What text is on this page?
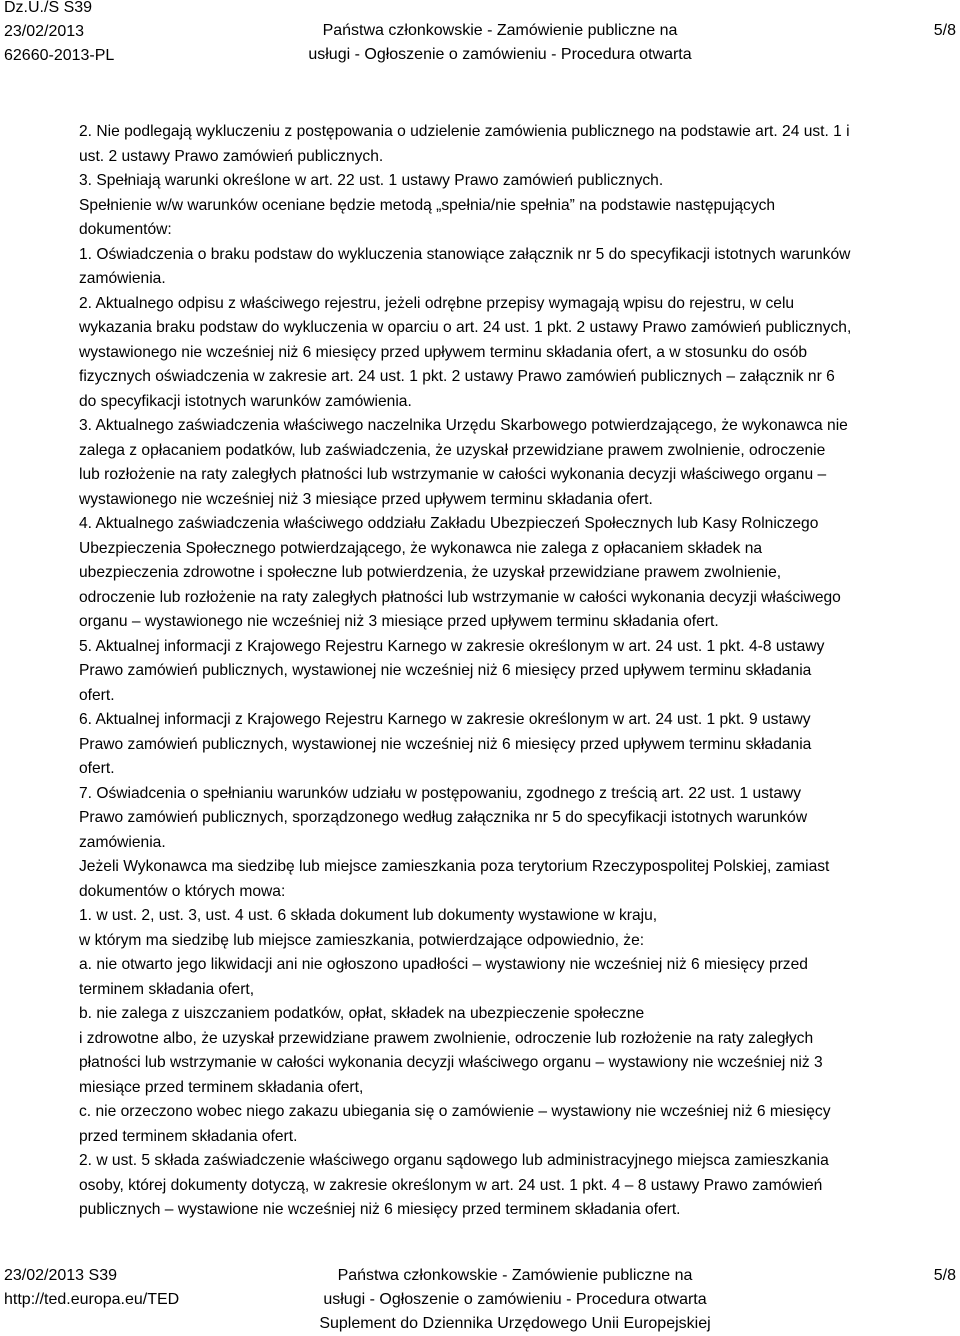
Dz.U./S S39
23/02/2013
62660-2013-PL
Państwa członkowskie - Zamówienie publiczne na
usługi - Ogłoszenie o zamówieniu - Procedura otwarta
5/8

2. Nie podlegają wykluczeniu z postępowania o udzielenie zamówienia publicznego na podstawie art. 24 ust. 1 i

ust. 2 ustawy Prawo zamówień publicznych.

3. Spełniają warunki określone w art. 22 ust. 1 ustawy Prawo zamówień publicznych.

Spełnienie w/w warunków oceniane będzie metodą „spełnia/nie spełnia” na podstawie następujących

dokumentów:

1. Oświadczenia o braku podstaw do wykluczenia stanowiące załącznik nr 5 do specyfikacji istotnych warunków

zamówienia.

2. Aktualnego odpisu z właściwego rejestru, jeżeli odrębne przepisy wymagają wpisu do rejestru, w celu

wykazania braku podstaw do wykluczenia w oparciu o art. 24 ust. 1 pkt. 2 ustawy Prawo zamówień publicznych,

wystawionego nie wcześniej niż 6 miesięcy przed upływem terminu składania ofert, a w stosunku do osób

fizycznych oświadczenia w zakresie art. 24 ust. 1 pkt. 2 ustawy Prawo zamówień publicznych – załącznik nr 6

do specyfikacji istotnych warunków zamówienia.

3. Aktualnego zaświadczenia właściwego naczelnika Urzędu Skarbowego potwierdzającego, że wykonawca nie

zalega z opłacaniem podatków, lub zaświadczenia, że uzyskał przewidziane prawem zwolnienie, odroczenie

lub rozłożenie na raty zaległych płatności lub wstrzymanie w całości wykonania decyzji właściwego organu –

wystawionego nie wcześniej niż 3 miesiące przed upływem terminu składania ofert.

4. Aktualnego zaświadczenia właściwego oddziału Zakładu Ubezpieczeń Społecznych lub Kasy Rolniczego

Ubezpieczenia Społecznego potwierdzającego, że wykonawca nie zalega z opłacaniem składek na

ubezpieczenia zdrowotne i społeczne lub potwierdzenia, że uzyskał przewidziane prawem zwolnienie,

odroczenie lub rozłożenie na raty zaległych płatności lub wstrzymanie w całości wykonania decyzji właściwego

organu – wystawionego nie wcześniej niż 3 miesiące przed upływem terminu składania ofert.

5. Aktualnej informacji z Krajowego Rejestru Karnego w zakresie określonym w art. 24 ust. 1 pkt. 4-8 ustawy

Prawo zamówień publicznych, wystawionej nie wcześniej niż 6 miesięcy przed upływem terminu składania

ofert.

6. Aktualnej informacji z Krajowego Rejestru Karnego w zakresie określonym w art. 24 ust. 1 pkt. 9 ustawy

Prawo zamówień publicznych, wystawionej nie wcześniej niż 6 miesięcy przed upływem terminu składania

ofert.

7. Oświadcenia o spełnianiu warunków udziału w postępowaniu, zgodnego z treścią art. 22 ust. 1 ustawy

Prawo zamówień publicznych, sporządzonego według załącznika nr 5 do specyfikacji istotnych warunków

zamówienia.

Jeżeli Wykonawca ma siedzibę lub miejsce zamieszkania poza terytorium Rzeczypospolitej Polskiej, zamiast

dokumentów o których mowa:

1. w ust. 2, ust. 3, ust. 4 ust. 6 składa dokument lub dokumenty wystawione w kraju,

w którym ma siedzibę lub miejsce zamieszkania, potwierdzające odpowiednio, że:

a. nie otwarto jego likwidacji ani nie ogłoszono upadłości – wystawiony nie wcześniej niż 6 miesięcy przed

terminem składania ofert,

b. nie zalega z uiszczaniem podatków, opłat, składek na ubezpieczenie społeczne

i zdrowotne albo, że uzyskał przewidziane prawem zwolnienie, odroczenie lub rozłożenie na raty zaległych

płatności lub wstrzymanie w całości wykonania decyzji właściwego organu – wystawiony nie wcześniej niż 3

miesiące przed terminem składania ofert,

c. nie orzeczono wobec niego zakazu ubiegania się o zamówienie – wystawiony nie wcześniej niż 6 miesięcy

przed terminem składania ofert.

2. w ust. 5 składa zaświadczenie właściwego organu sądowego lub administracyjnego miejsca zamieszkania

osoby, której dokumenty dotyczą, w zakresie określonym w art. 24 ust. 1 pkt. 4 – 8 ustawy Prawo zamówień

publicznych – wystawione nie wcześniej niż 6 miesięcy przed terminem składania ofert.

23/02/2013 S39
http://ted.europa.eu/TED
Państwa członkowskie - Zamówienie publiczne na
usługi - Ogłoszenie o zamówieniu - Procedura otwarta
Suplement do Dziennika Urzędowego Unii Europejskiej
5/8
